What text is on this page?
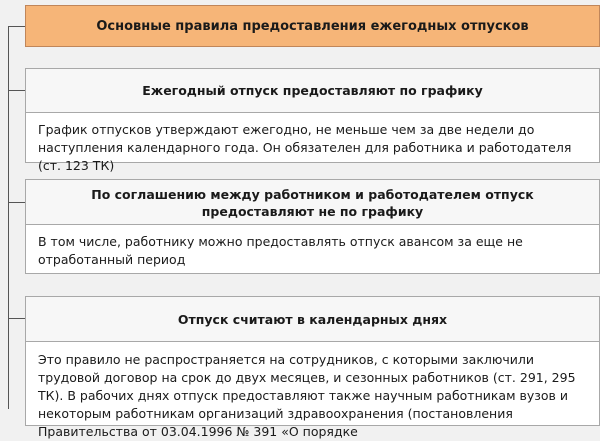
Основные правила предоставления ежегодных отпусков
Ежегодный отпуск предоставляют по графику
График отпусков утверждают ежегодно, не меньше чем за две недели до наступления календарного года. Он обязателен для работника и работодателя (ст. 123 ТК)
По соглашению между работником и работодателем отпуск предоставляют не по графику
В том числе, работнику можно предоставлять отпуск авансом за еще не отработанный период
Отпуск считают в календарных днях
Это правило не распространяется на сотрудников, с которыми заключили трудовой договор на срок до двух месяцев, и сезонных работников (ст. 291, 295 ТК). В рабочих днях отпуск предоставляют также научным работникам вузов и некоторым работникам организаций здравоохранения (постановления Правительства от 03.04.1996 № 391 «О порядке
